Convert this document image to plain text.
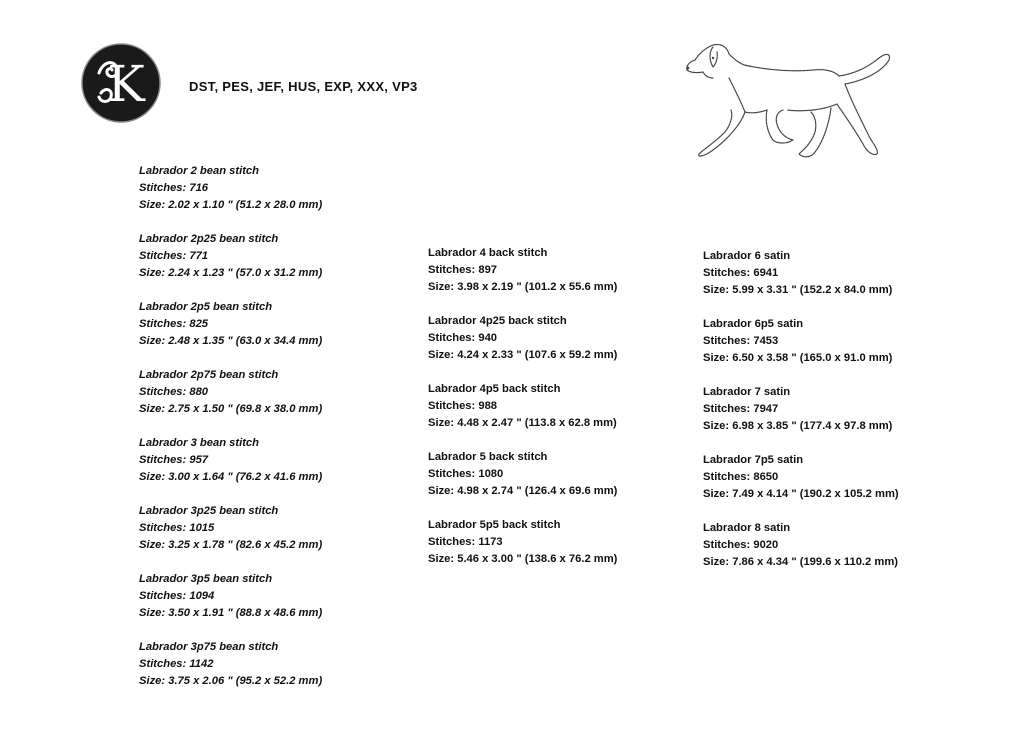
K	DST, PES, JEF, HUS, EXP, XXX, VP3
Labrador 2 bean stitch
Stitches: 716
Size: 2.02 x 1.10 " (51.2 x 28.0 mm)
Labrador 2p25 bean stitch
Stitches: 771
Size: 2.24 x 1.23 " (57.0 x 31.2 mm)
Labrador 2p5 bean stitch
Stitches: 825
Size: 2.48 x 1.35 " (63.0 x 34.4 mm)
Labrador 2p75 bean stitch
Stitches: 880
Size: 2.75 x 1.50 " (69.8 x 38.0 mm)
Labrador 3 bean stitch
Stitches: 957
Size: 3.00 x 1.64 " (76.2 x 41.6 mm)
Labrador 3p25 bean stitch
Stitches: 1015
Size: 3.25 x 1.78 " (82.6 x 45.2 mm)
Labrador 3p5 bean stitch
Stitches: 1094
Size: 3.50 x 1.91 " (88.8 x 48.6 mm)
Labrador 3p75 bean stitch
Stitches: 1142
Size: 3.75 x 2.06 " (95.2 x 52.2 mm)
Labrador 4 back stitch
Stitches: 897
Size: 3.98 x 2.19 " (101.2 x 55.6 mm)
Labrador 4p25 back stitch
Stitches: 940
Size: 4.24 x 2.33 " (107.6 x 59.2 mm)
Labrador 4p5 back stitch
Stitches: 988
Size: 4.48 x 2.47 " (113.8 x 62.8 mm)
Labrador 5 back stitch
Stitches: 1080
Size: 4.98 x 2.74 " (126.4 x 69.6 mm)
Labrador 5p5 back stitch
Stitches: 1173
Size: 5.46 x 3.00 " (138.6 x 76.2 mm)
Labrador 6 satin
Stitches: 6941
Size: 5.99 x 3.31 " (152.2 x 84.0 mm)
Labrador 6p5 satin
Stitches: 7453
Size: 6.50 x 3.58 " (165.0 x 91.0 mm)
Labrador 7 satin
Stitches: 7947
Size: 6.98 x 3.85 " (177.4 x 97.8 mm)
Labrador 7p5 satin
Stitches: 8650
Size: 7.49 x 4.14 " (190.2 x 105.2 mm)
Labrador 8 satin
Stitches: 9020
Size: 7.86 x 4.34 " (199.6 x 110.2 mm)
